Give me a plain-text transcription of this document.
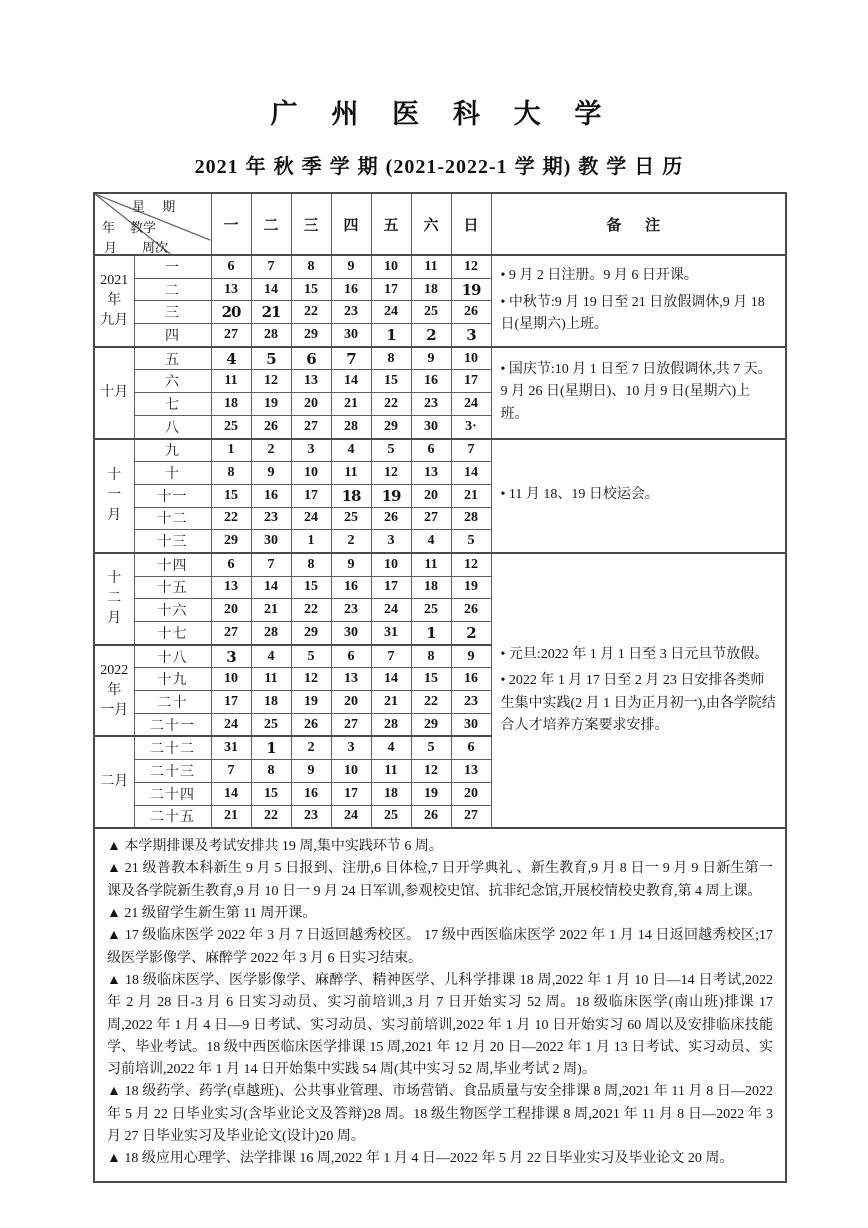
广 州 医 科 大 学
2021 年 秋 季 学 期 (2021-2022-1 学 期) 教 学 日 历
星 期
年 教学
月 周次		一	二	三	四	五	六	日	备 注

2021年
九月
	一	6	7	8	9	10	11	12	

• 9 月 2 日注册。9 月 6 日开课。

• 中秋节:9 月 19 日至 21 日放假调休,9 月 18 日(星期六)上班。

	二	13	14	15	16	17	18	19	
	三	20	21	22	23	24	25	26	
	四	27	28	29	30	1	2	3	

十月	五	4	5	6	7	8	9	10	• 国庆节:10 月 1 日至 7 日放假调休,共 7 天。9 月 26 日(星期日)、10 月 9 日(星期六)上班。

	六	11	12	13	14	15	16	17	
	七	18	19	20	21	22	23	24	
	八	25	26	27	28	29	30	3·	

十
一
月	九	1	2	3	4	5	6	7	• 11 月 18、19 日校运会。

	十	8	9	10	11	12	13	14	
	十一	15	16	17	18	19	20	21	
	十二	22	23	24	25	26	27	28	
	十三	29	30	1	2	3	4	5	

十
二
月
	十四	6	7	8	9	10	11	12	

• 元旦:2022 年 1 月 1 日至 3 日元旦节放假。

• 2022 年 1 月 17 日至 2 月 23 日安排各类师生集中实践(2 月 1 日为正月初一),由各学院结合人才培养方案要求安排。

	十五	13	14	15	16	17	18	19	
	十六	20	21	22	23	24	25	26	
	十七	27	28	29	30	31	1	2	

2022年
一月	十八	3	4	5	6	7	8	9	
	十九	10	11	12	13	14	15	16	
	二十	17	18	19	20	21	22	23	
	二十一	24	25	26	27	28	29	30	

二月	二十二	31	1	2	3	4	5	6	
	二十三	7	8	9	10	11	12	13	
	二十四	14	15	16	17	18	19	20	
	二十五	21	22	23	24	25	26	27	

▲ 本学期排课及考试安排共 19 周,集中实践环节 6 周。

▲ 21 级普教本科新生 9 月 5 日报到、注册,6 日体检,7 日开学典礼 、新生教育,9 月 8 日一 9 月 9 日新生第一课及各学院新生教育,9 月 10 日一 9 月 24 日军训,参观校史馆、抗非纪念馆,开展校情校史教育,第 4 周上课。

▲ 21 级留学生新生第 11 周开课。

▲ 17 级临床医学 2022 年 3 月 7 日返回越秀校区。 17 级中西医临床医学 2022 年 1 月 14 日返回越秀校区;17 级医学影像学、麻醉学 2022 年 3 月 6 日实习结束。

▲ 18 级临床医学、医学影像学、麻醉学、精神医学、儿科学排课 18 周,2022 年 1 月 10 日—14 日考试,2022 年 2 月 28 日-3 月 6 日实习动员、实习前培训,3 月 7 日开始实习 52 周。18 级临床医学(南山班)排课 17 周,2022 年 1 月 4 日—9 日考试、实习动员、实习前培训,2022 年 1 月 10 日开始实习 60 周以及安排临床技能学、毕业考试。18 级中西医临床医学排课 15 周,2021 年 12 月 20 日—2022 年 1 月 13 日考试、实习动员、实习前培训,2022 年 1 月 14 日开始集中实践 54 周(其中实习 52 周,毕业考试 2 周)。

▲ 18 级药学、药学(卓越班)、公共事业管理、市场营销、食品质量与安全排课 8 周,2021 年 11 月 8 日—2022 年 5 月 22 日毕业实习(含毕业论文及答辩)28 周。18 级生物医学工程排课 8 周,2021 年 11 月 8 日—2022 年 3 月 27 日毕业实习及毕业论文(设计)20 周。

▲ 18 级应用心理学、法学排课 16 周,2022 年 1 月 4 日—2022 年 5 月 22 日毕业实习及毕业论文 20 周。
